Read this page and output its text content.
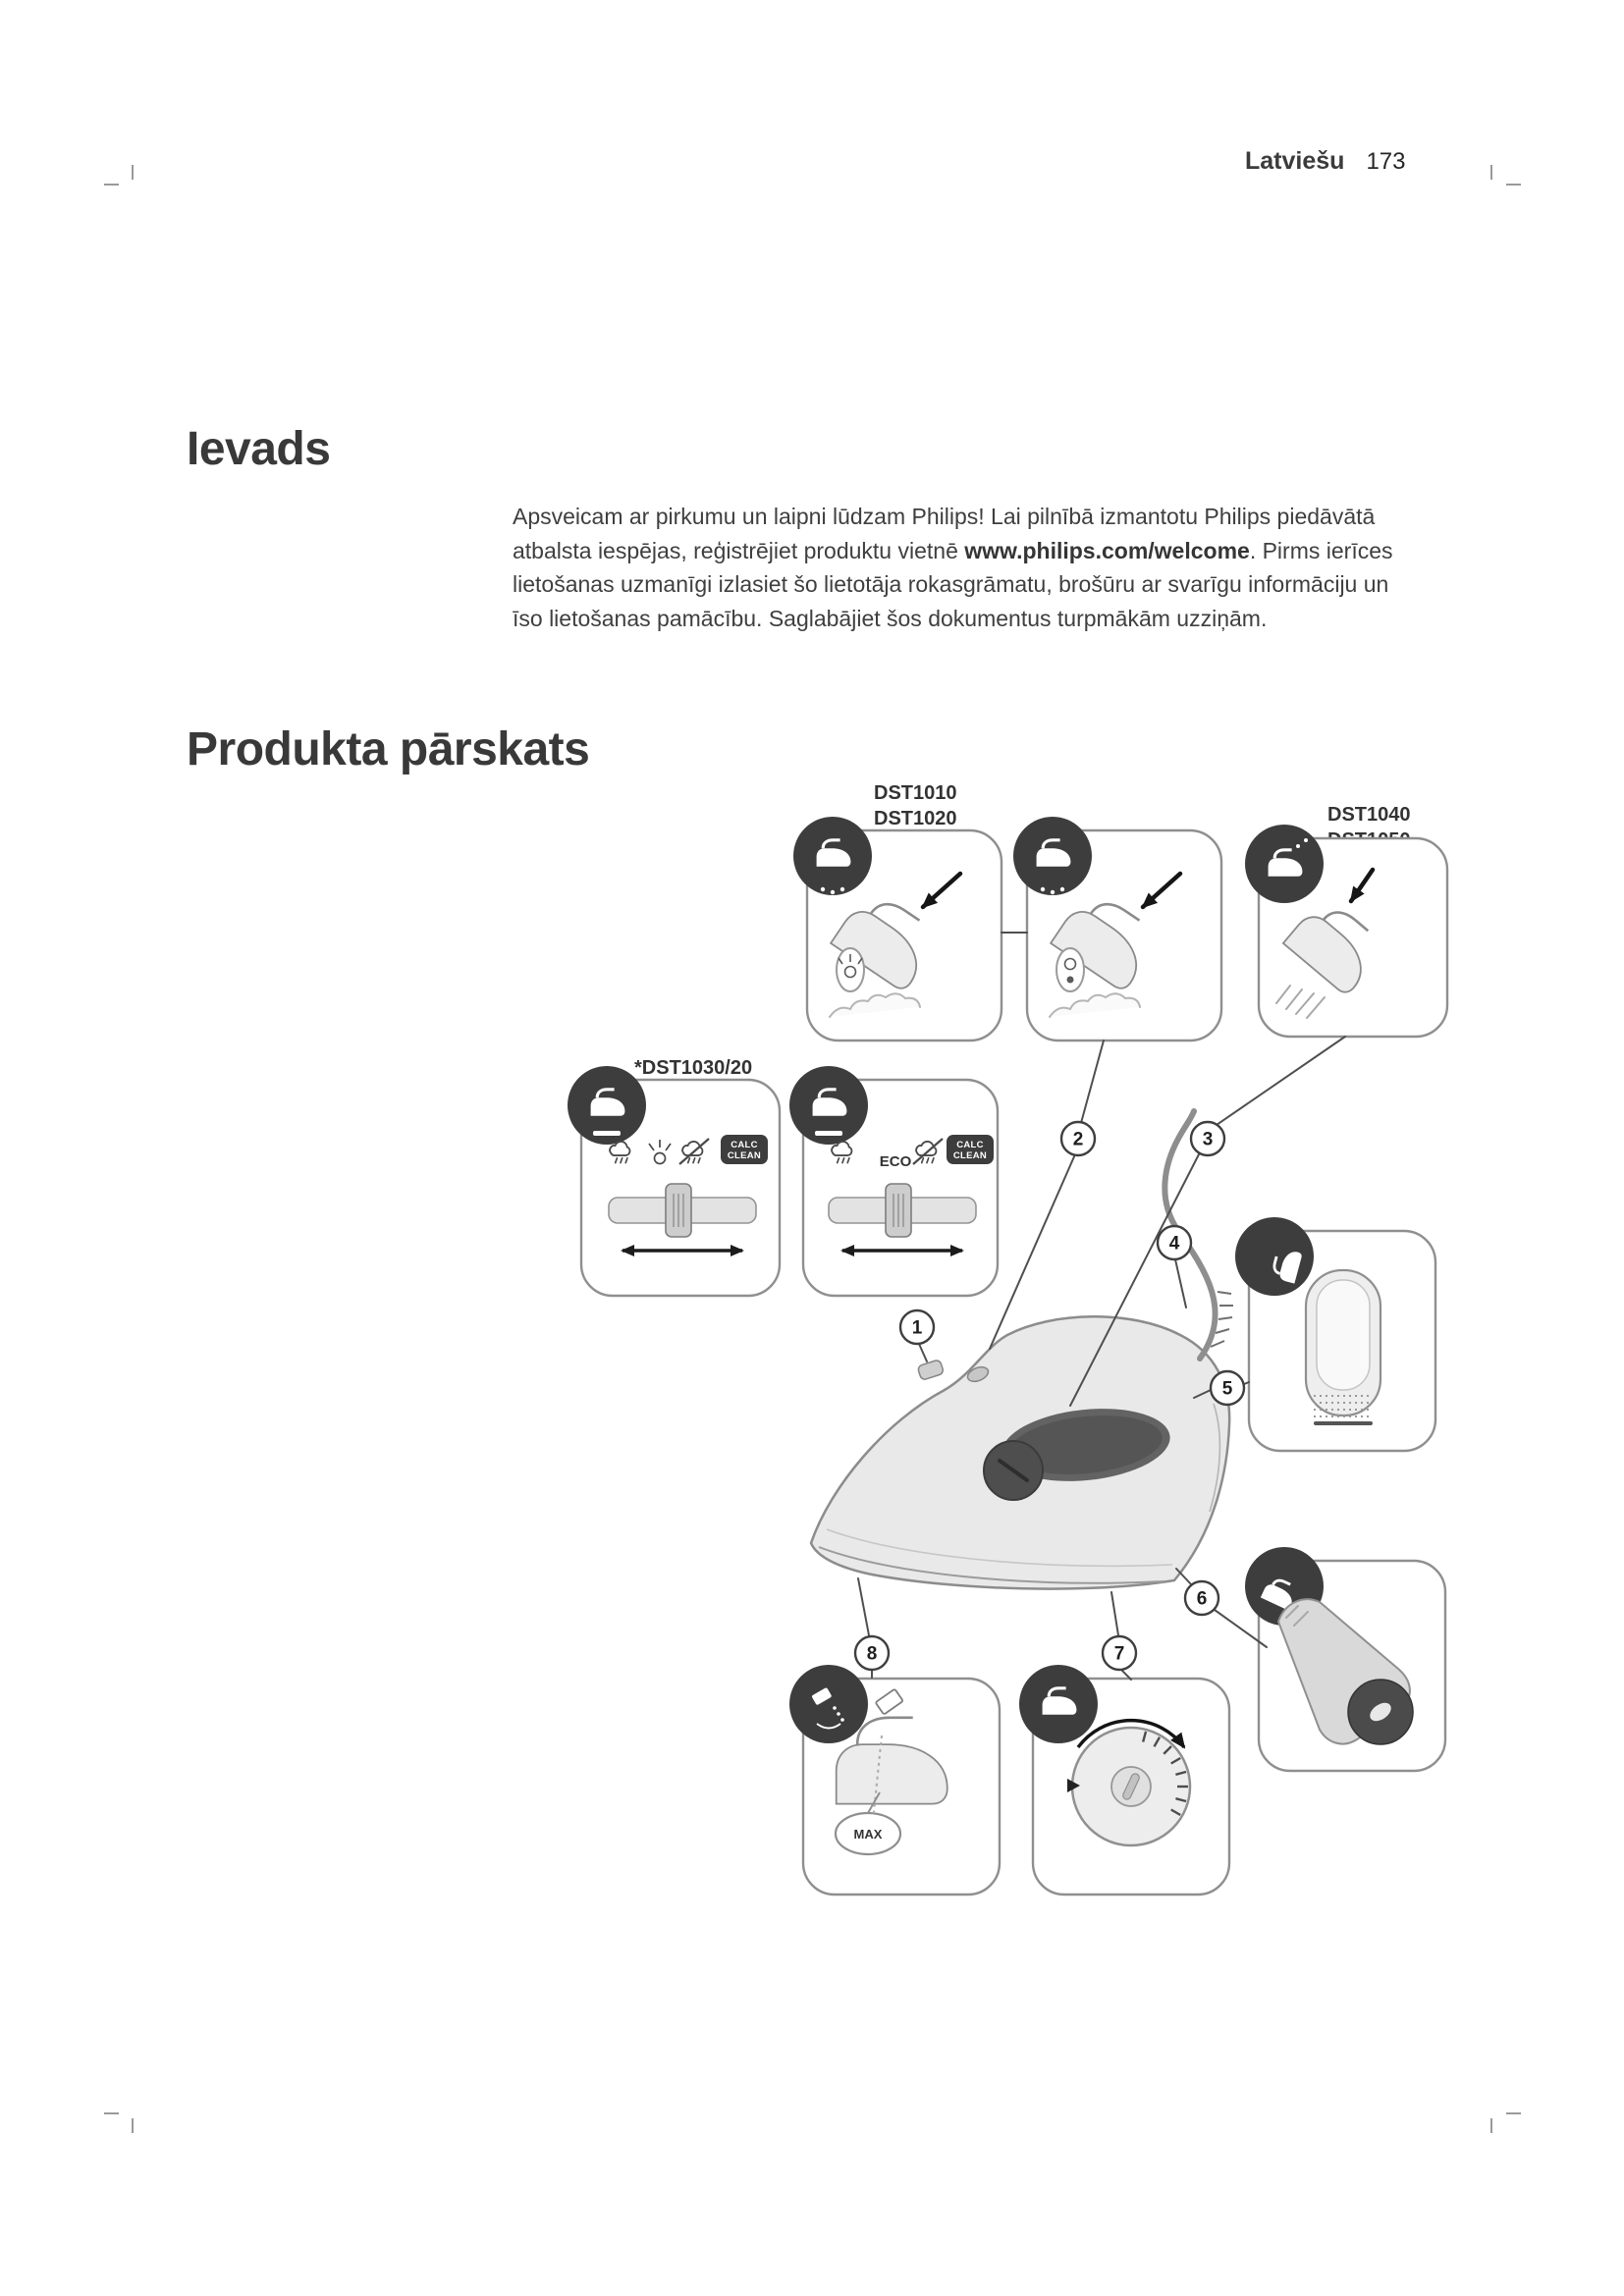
Latviešu 173
Ievads

Apsveicam ar pirkumu un laipni lūdzam Philips! Lai pilnībā izmantotu Philips piedāvātā atbalsta iespējas, reģistrējiet produktu vietnē www.philips.com/welcome. Pirms ierīces lietošanas uzmanīgi izlasiet šo lietotāja rokasgrāmatu, brošūru ar svarīgu informāciju un īso lietošanas pamācību. Saglabājiet šos dokumentus turpmākām uzziņām.

Produkta pārskats
DST1010
DST1020	DST1040
*DST1030/20
CALC
CLEAN	ECO
CALC
CLEAN
MAX
1
2	3
4
5
6
7
8
